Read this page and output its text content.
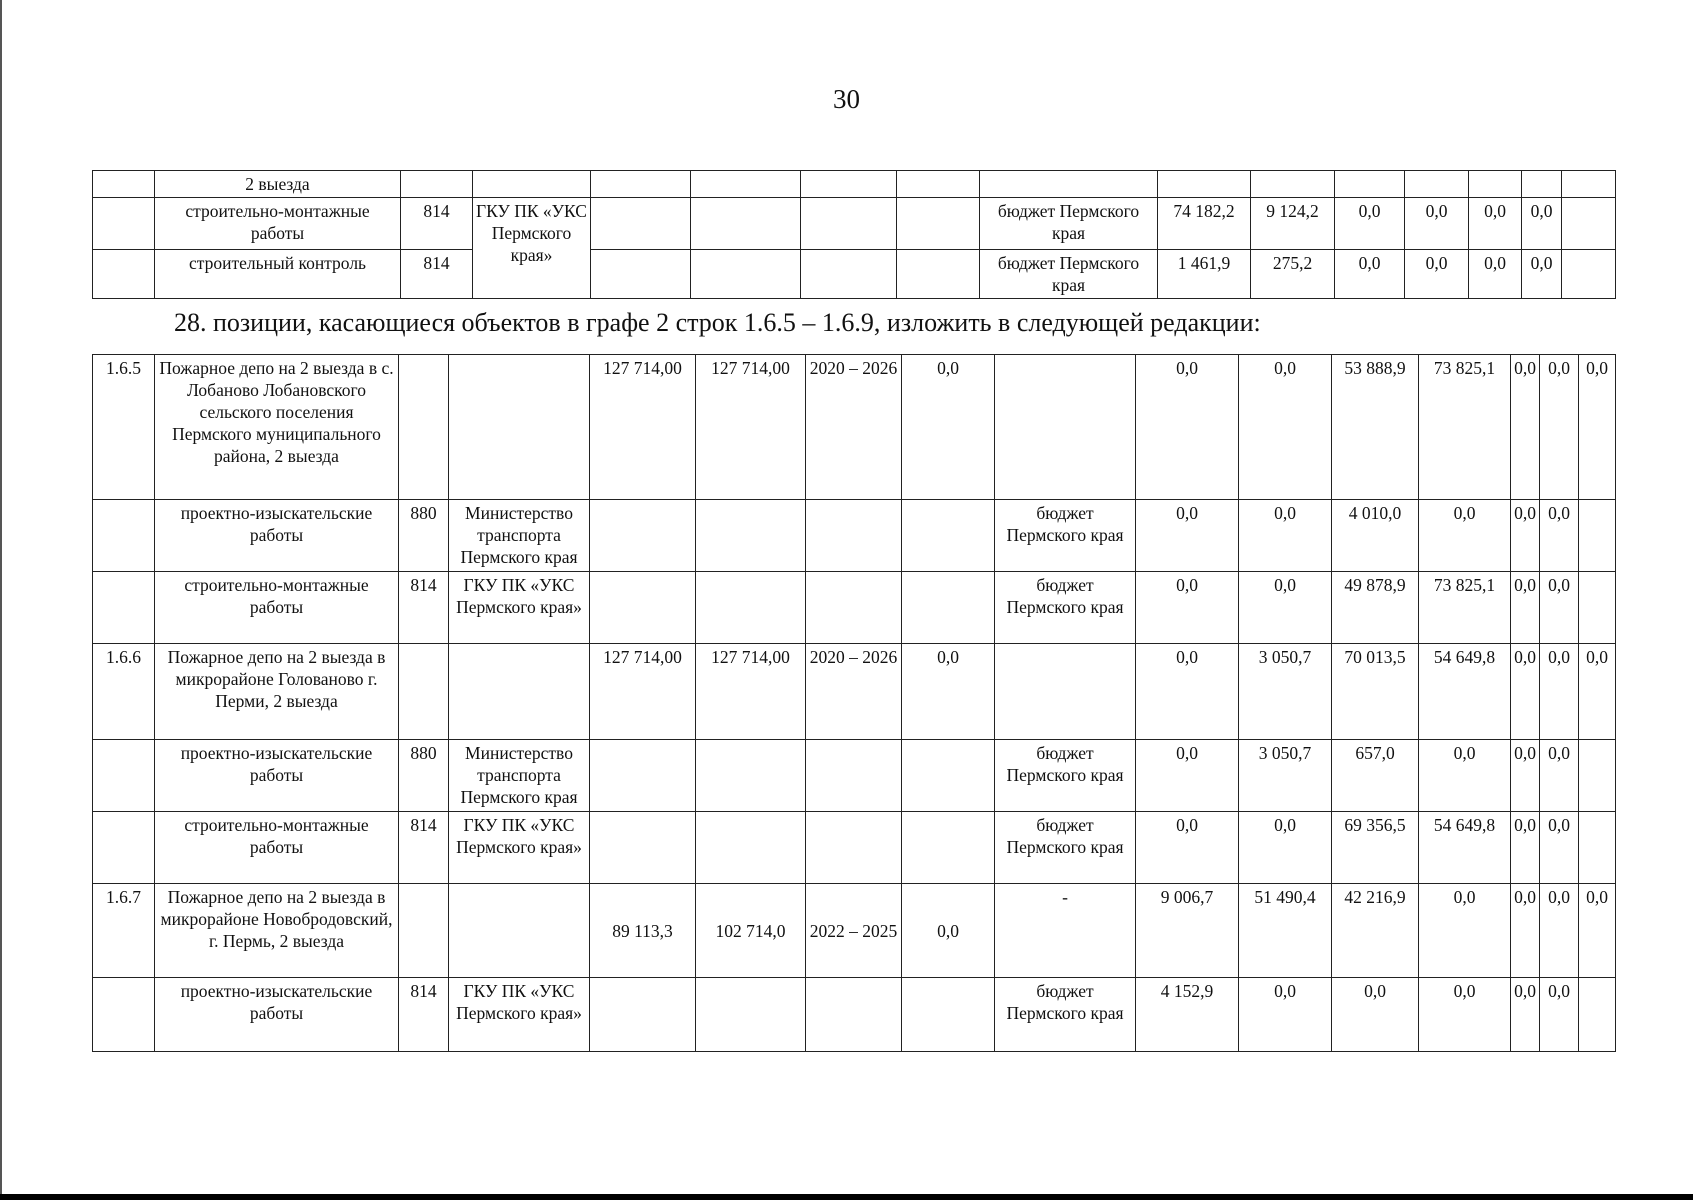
30
	2 выезда														
	строительно-монтажные работы	814	ГКУ ПК «УКС Пермского края»					бюджет Пермского края	74 182,2	9 124,2	0,0	0,0	0,0	0,0	
	строительный контроль	814						бюджет Пермского края	1 461,9	275,2	0,0	0,0	0,0	0,0	
28. позиции, касающиеся объектов в графе 2 строк 1.6.5 – 1.6.9, изложить в следующей редакции:
1.6.5	Пожарное депо на 2 выезда в с. Лобаново Лобановского сельского поселения Пермского муниципального района, 2 выезда			127 714,00	127 714,00	2020 – 2026	0,0		0,0	0,0	53 888,9	73 825,1	0,0	0,0	0,0
	проектно-изыскательские работы	880	Министерство транспорта Пермского края					бюджет Пермского края	0,0	0,0	4 010,0	0,0	0,0	0,0	
	строительно-монтажные работы	814	ГКУ ПК «УКС Пермского края»					бюджет Пермского края	0,0	0,0	49 878,9	73 825,1	0,0	0,0	
1.6.6	Пожарное депо на 2 выезда в микрорайоне Голованово г. Перми, 2 выезда			127 714,00	127 714,00	2020 – 2026	0,0		0,0	3 050,7	70 013,5	54 649,8	0,0	0,0	0,0
	проектно-изыскательские работы	880	Министерство транспорта Пермского края					бюджет Пермского края	0,0	3 050,7	657,0	0,0	0,0	0,0	
	строительно-монтажные работы	814	ГКУ ПК «УКС Пермского края»					бюджет Пермского края	0,0	0,0	69 356,5	54 649,8	0,0	0,0	
1.6.7	Пожарное депо на 2 выезда в микрорайоне Новобродовский, г. Пермь, 2 выезда			89 113,3	102 714,0	2022 – 2025	0,0	-	9 006,7	51 490,4	42 216,9	0,0	0,0	0,0	0,0
	проектно-изыскательские работы	814	ГКУ ПК «УКС Пермского края»					бюджет Пермского края	4 152,9	0,0	0,0	0,0	0,0	0,0	
